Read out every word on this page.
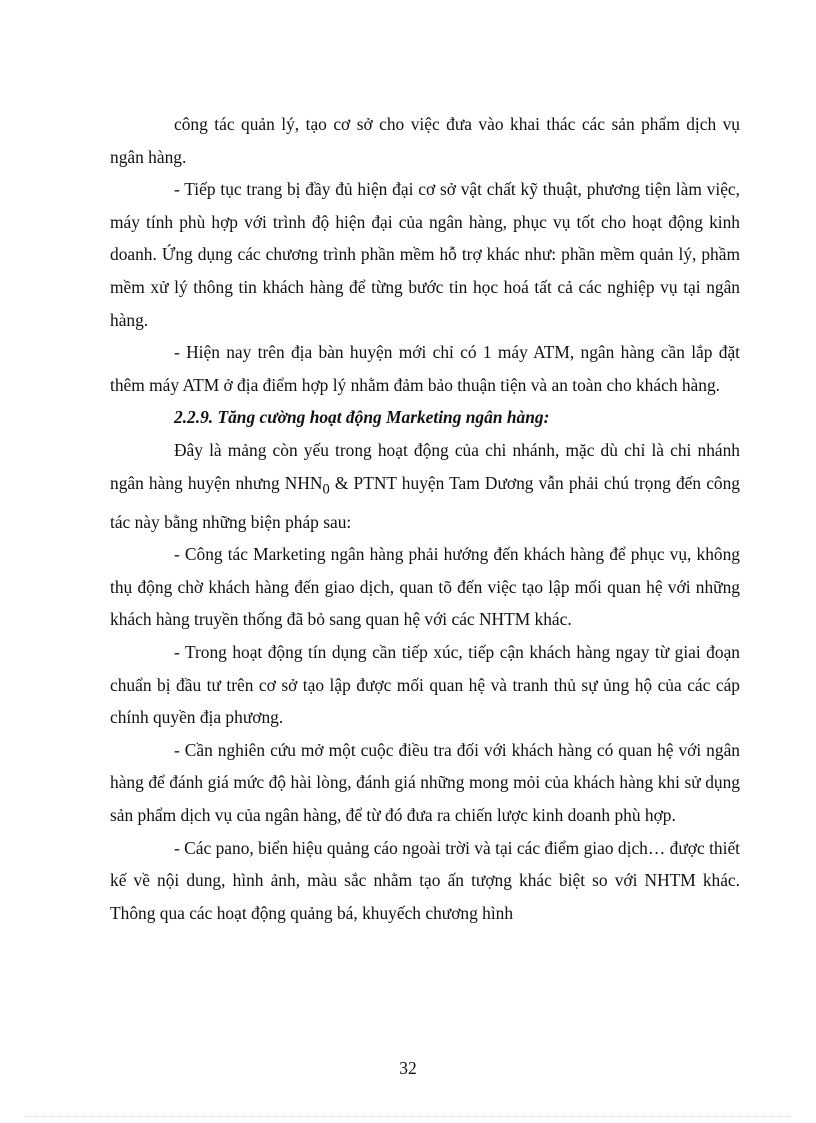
công tác quản lý, tạo cơ sở cho việc đưa vào khai thác các sản phẩm dịch vụ ngân hàng.

- Tiếp tục trang bị đầy đủ hiện đại cơ sở vật chất kỹ thuật, phương tiện làm việc, máy tính phù hợp với trình độ hiện đại của ngân hàng, phục vụ tốt cho hoạt động kinh doanh. Ứng dụng các chương trình phần mềm hỗ trợ khác như: phần mềm quản lý, phầm mềm xử lý thông tin khách hàng để từng bước tin học hoá tất cả các nghiệp vụ tại ngân hàng.

- Hiện nay trên địa bàn huyện mới chỉ có 1 máy ATM, ngân hàng cần lắp đặt thêm máy ATM ở địa điểm hợp lý nhằm đảm bảo thuận tiện và an toàn cho khách hàng.

2.2.9. Tăng cường hoạt động Marketing ngân hàng:

Đây là mảng còn yếu trong hoạt động của chi nhánh, mặc dù chỉ là chi nhánh ngân hàng huyện nhưng $NHN_0$ & PTNT huyện Tam Dương vẫn phải chú trọng đến công tác này bằng những biện pháp sau:

- Công tác Marketing ngân hàng phải hướng đến khách hàng để phục vụ, không thụ động chờ khách hàng đến giao dịch, quan tõ đến việc tạo lập mối quan hệ với những khách hàng truyền thống đã bỏ sang quan hệ với các NHTM khác.

- Trong hoạt động tín dụng cần tiếp xúc, tiếp cận khách hàng ngay từ giai đoạn chuẩn bị đầu tư trên cơ sở tạo lập được mối quan hệ và tranh thủ sự ủng hộ của các cáp chính quyền địa phương.

- Cần nghiên cứu mở một cuộc điều tra đối với khách hàng có quan hệ với ngân hàng để đánh giá mức độ hài lòng, đánh giá những mong mỏi của khách hàng khi sử dụng sản phẩm dịch vụ của ngân hàng, để từ đó đưa ra chiến lược kinh doanh phù hợp.

- Các pano, biển hiệu quảng cáo ngoài trời và tại các điểm giao dịch… được thiết kế về nội dung, hình ảnh, màu sắc nhằm tạo ấn tượng khác biệt so với NHTM khác. Thông qua các hoạt động quảng bá, khuyếch chương hình

32
